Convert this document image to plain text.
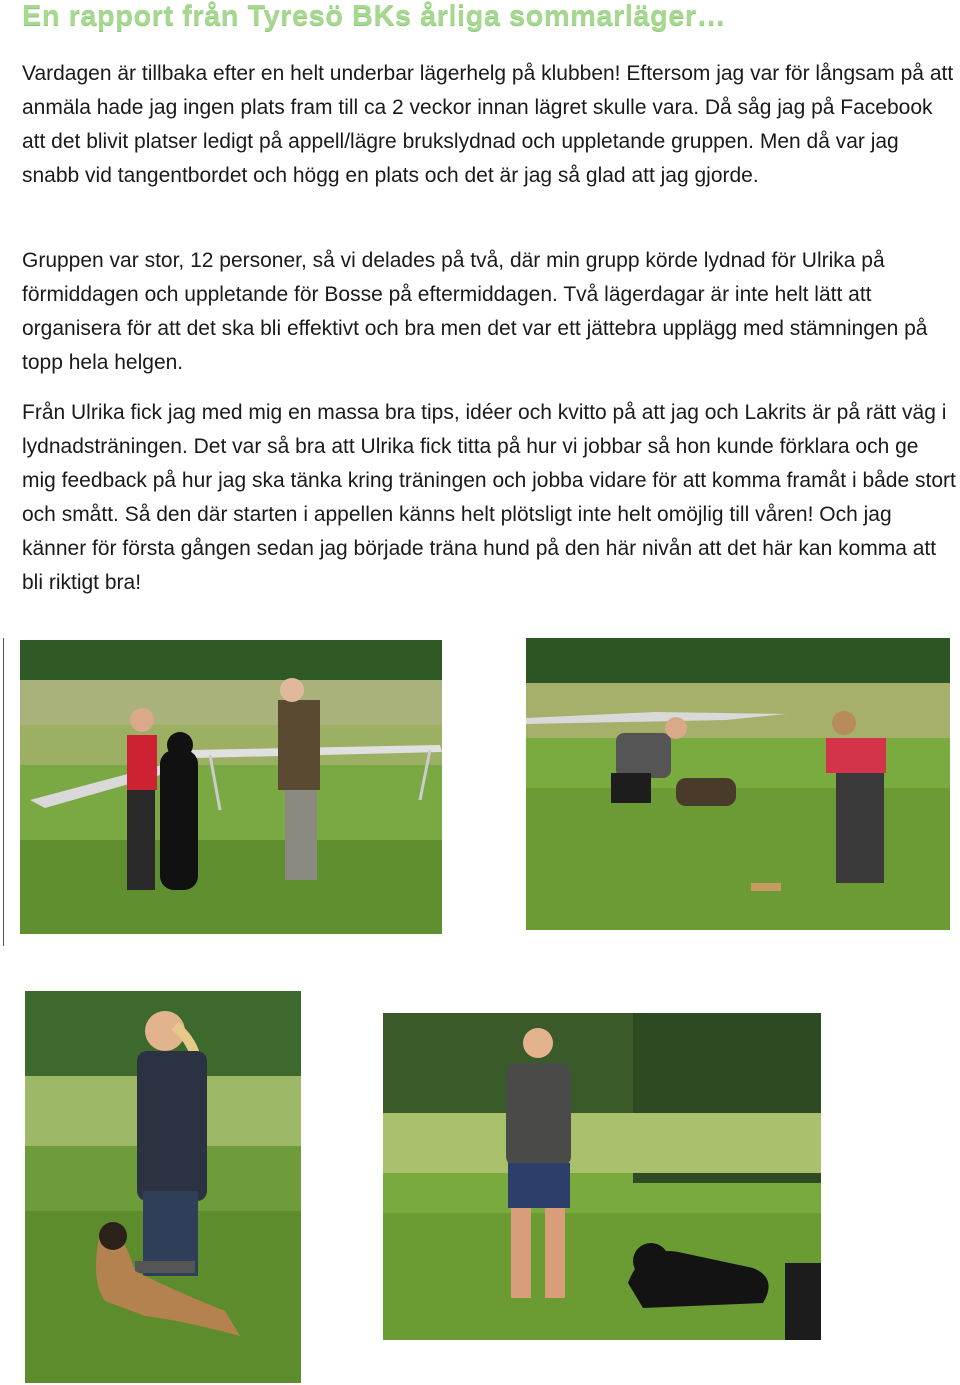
En rapport från Tyresö BKs årliga sommarläger…
Vardagen är tillbaka efter en helt underbar lägerhelg på klubben! Eftersom jag var för långsam på att anmäla hade jag ingen plats fram till ca 2 veckor innan lägret skulle vara. Då såg jag på Facebook att det blivit platser ledigt på appell/lägre brukslydnad och uppletande gruppen. Men då var jag snabb vid tangentbordet och högg en plats och det är jag så glad att jag gjorde.
Gruppen var stor, 12 personer, så vi delades på två, där min grupp körde lydnad för Ulrika på förmiddagen och uppletande för Bosse på eftermiddagen. Två lägerdagar är inte helt lätt att organisera för att det ska bli effektivt och bra men det var ett jättebra upplägg med stämningen på topp hela helgen.
Från Ulrika fick jag med mig en massa bra tips, idéer och kvitto på att jag och Lakrits är på rätt väg i lydnadsträningen. Det var så bra att Ulrika fick titta på hur vi jobbar så hon kunde förklara och ge mig feedback på hur jag ska tänka kring träningen och jobba vidare för att komma framåt i både stort och smått. Så den där starten i appellen känns helt plötsligt inte helt omöjlig till våren! Och jag känner för första gången sedan jag började träna hund på den här nivån att det här kan komma att bli riktigt bra!
